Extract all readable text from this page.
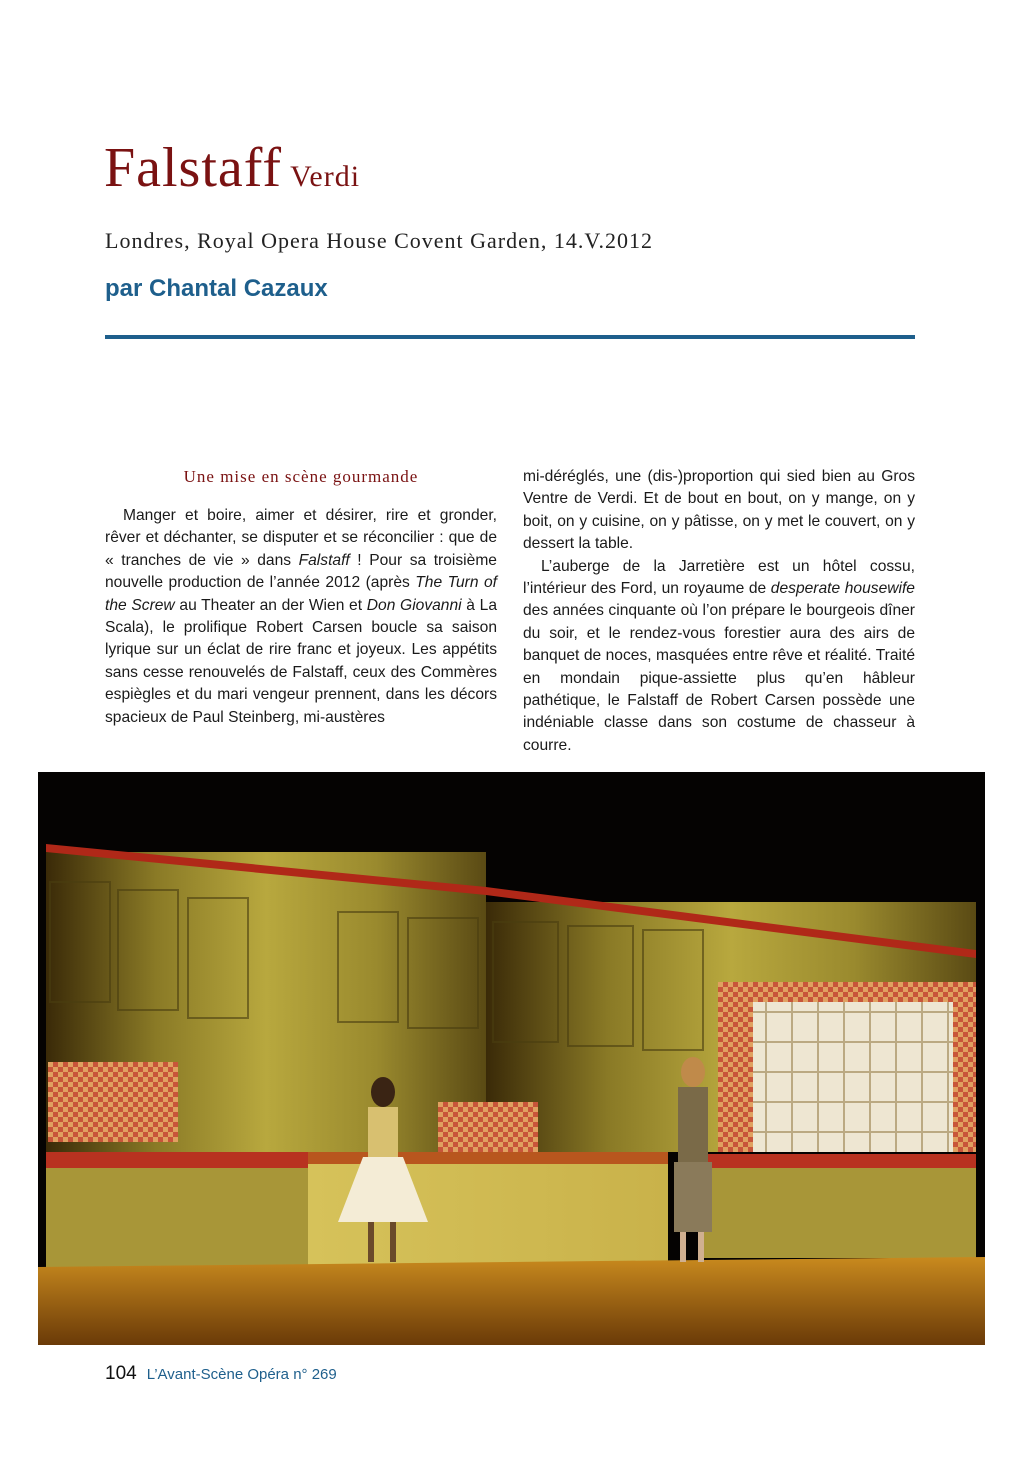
Falstaff Verdi

Londres, Royal Opera House Covent Garden, 14.V.2012

par Chantal Cazaux

Une mise en scène gourmande

Manger et boire, aimer et désirer, rire et gronder, rêver et déchanter, se disputer et se réconcilier : que de « tranches de vie » dans Falstaff ! Pour sa troisième nouvelle production de l’année 2012 (après The Turn of the Screw au Theater an der Wien et Don Giovanni à La Scala), le prolifique Robert Carsen boucle sa saison lyrique sur un éclat de rire franc et joyeux. Les appétits sans cesse renouvelés de Falstaff, ceux des Commères espiègles et du mari vengeur prennent, dans les décors spacieux de Paul Steinberg, mi-austères

mi-déréglés, une (dis-)proportion qui sied bien au Gros Ventre de Verdi. Et de bout en bout, on y mange, on y boit, on y cuisine, on y pâtisse, on y met le couvert, on y dessert la table.

L’auberge de la Jarretière est un hôtel cossu, l’intérieur des Ford, un royaume de desperate housewife des années cinquante où l’on prépare le bourgeois dîner du soir, et le rendez-vous forestier aura des airs de banquet de noces, masquées entre rêve et réalité. Traité en mondain pique-assiette plus qu’en hâbleur pathétique, le Falstaff de Robert Carsen possède une indéniable classe dans son costume de chasseur à courre.

104 L’Avant-Scène Opéra n° 269
